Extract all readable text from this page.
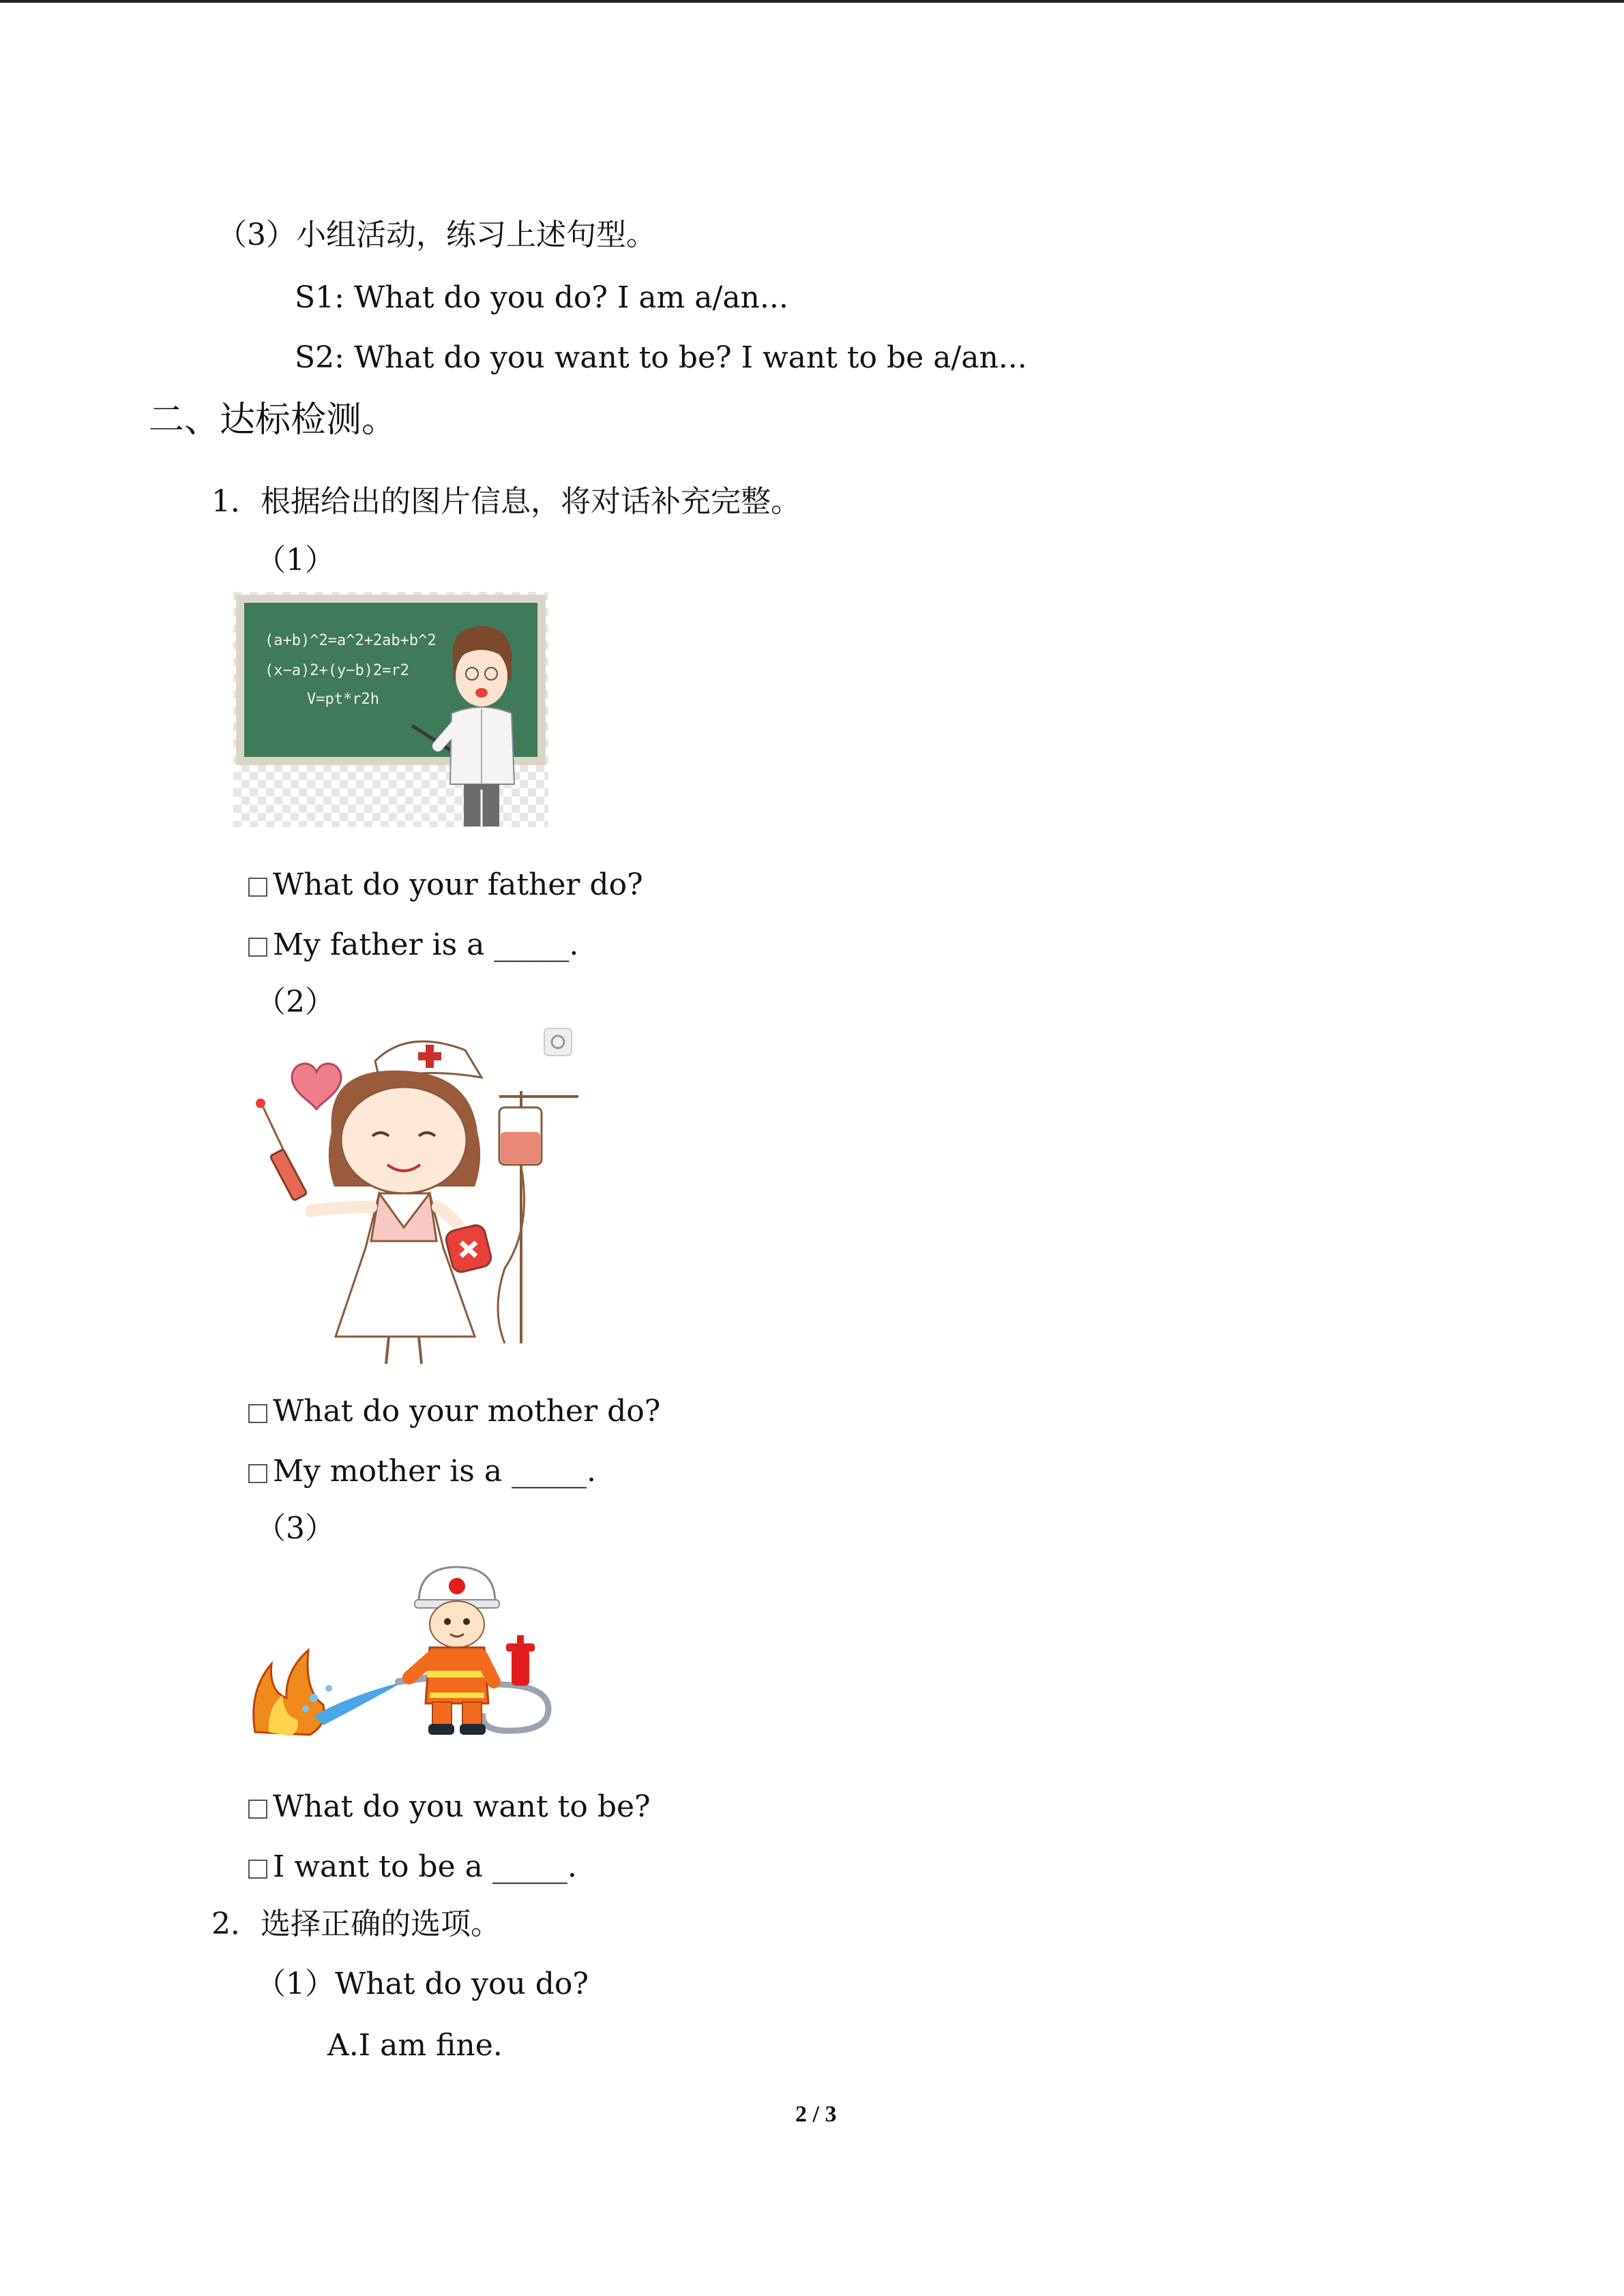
（3）小组活动，练习上述句型。
S1: What do you do? I am a/an...
S2: What do you want to be? I want to be a/an...
二、达标检测。
1．根据给出的图片信息，将对话补充完整。
（1）
(a+b)^2=a^2+2ab+b^2
(x−a)2+(y−b)2=r2
V=pt*r2h
What do your father do?
My father is a _____.
（2）
What do your mother do?
My mother is a _____.
（3）
What do you want to be?
I want to be a _____.
2．选择正确的选项。
（1）What do you do?
A.I am fine.
2 / 3
